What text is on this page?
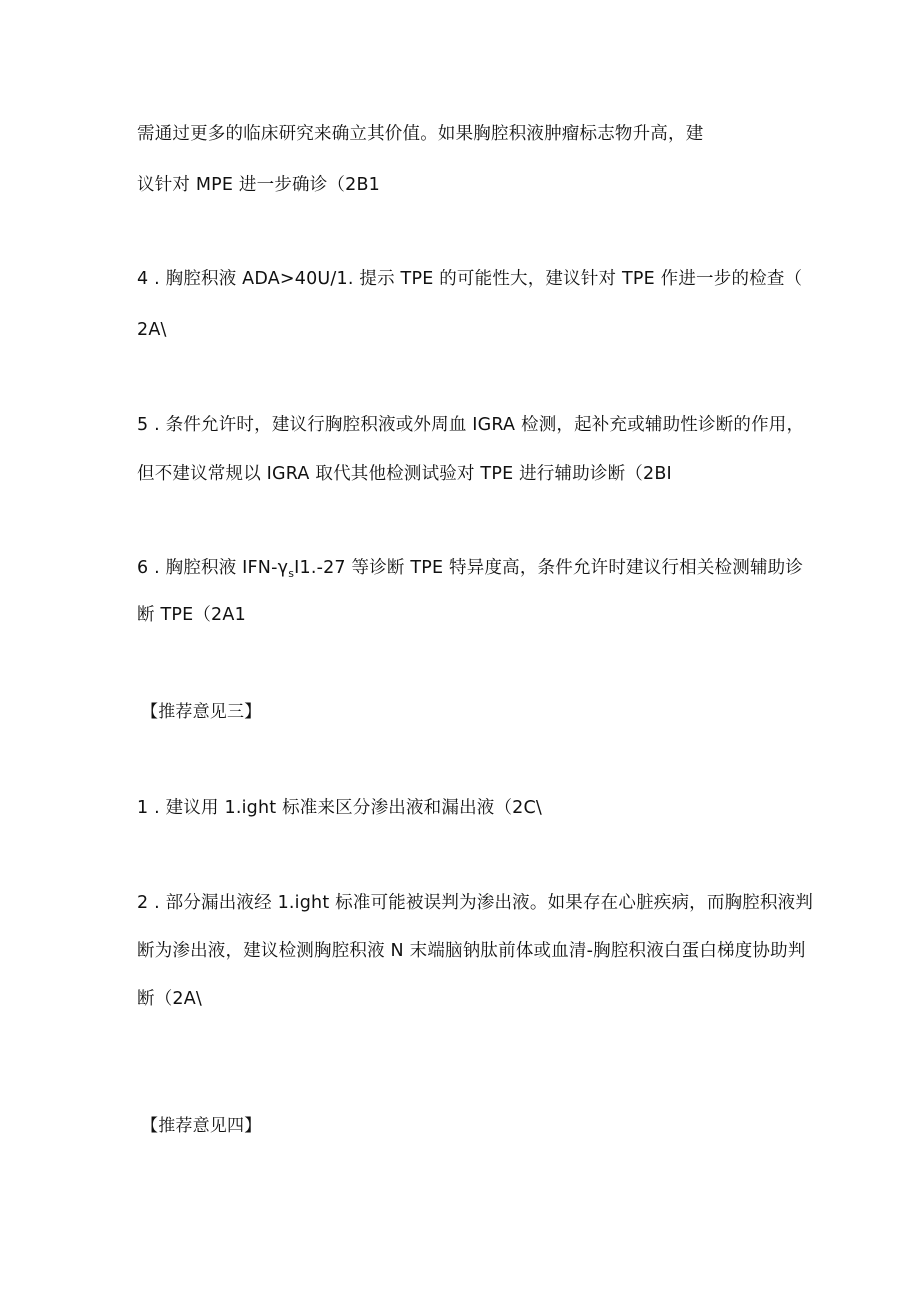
需通过更多的临床研究来确立其价值。如果胸腔积液肿瘤标志物升高，建
议针对 MPE 进一步确诊（2B1
4 . 胸腔积液 ADA>40U/1. 提示 TPE 的可能性大，建议针对 TPE 作进一步的检查（
2A\
5 . 条件允许时，建议行胸腔积液或外周血 IGRA 检测，起补充或辅助性诊断的作用，
但不建议常规以 IGRA 取代其他检测试验对 TPE 进行辅助诊断（2BI
6 . 胸腔积液 IFN-$\gamma_sI1.-27$ 等诊断 TPE 特异度高，条件允许时建议行相关检测辅助诊
断 TPE（2A1
【推荐意见三】
1 . 建议用 1.ight 标准来区分渗出液和漏出液（2C\
2 . 部分漏出液经 1.ight 标准可能被误判为渗出液。如果存在心脏疾病，而胸腔积液判
断为渗出液，建议检测胸腔积液 N 末端脑钠肽前体或血清-胸腔积液白蛋白梯度协助判
断（2A\
【推荐意见四】
